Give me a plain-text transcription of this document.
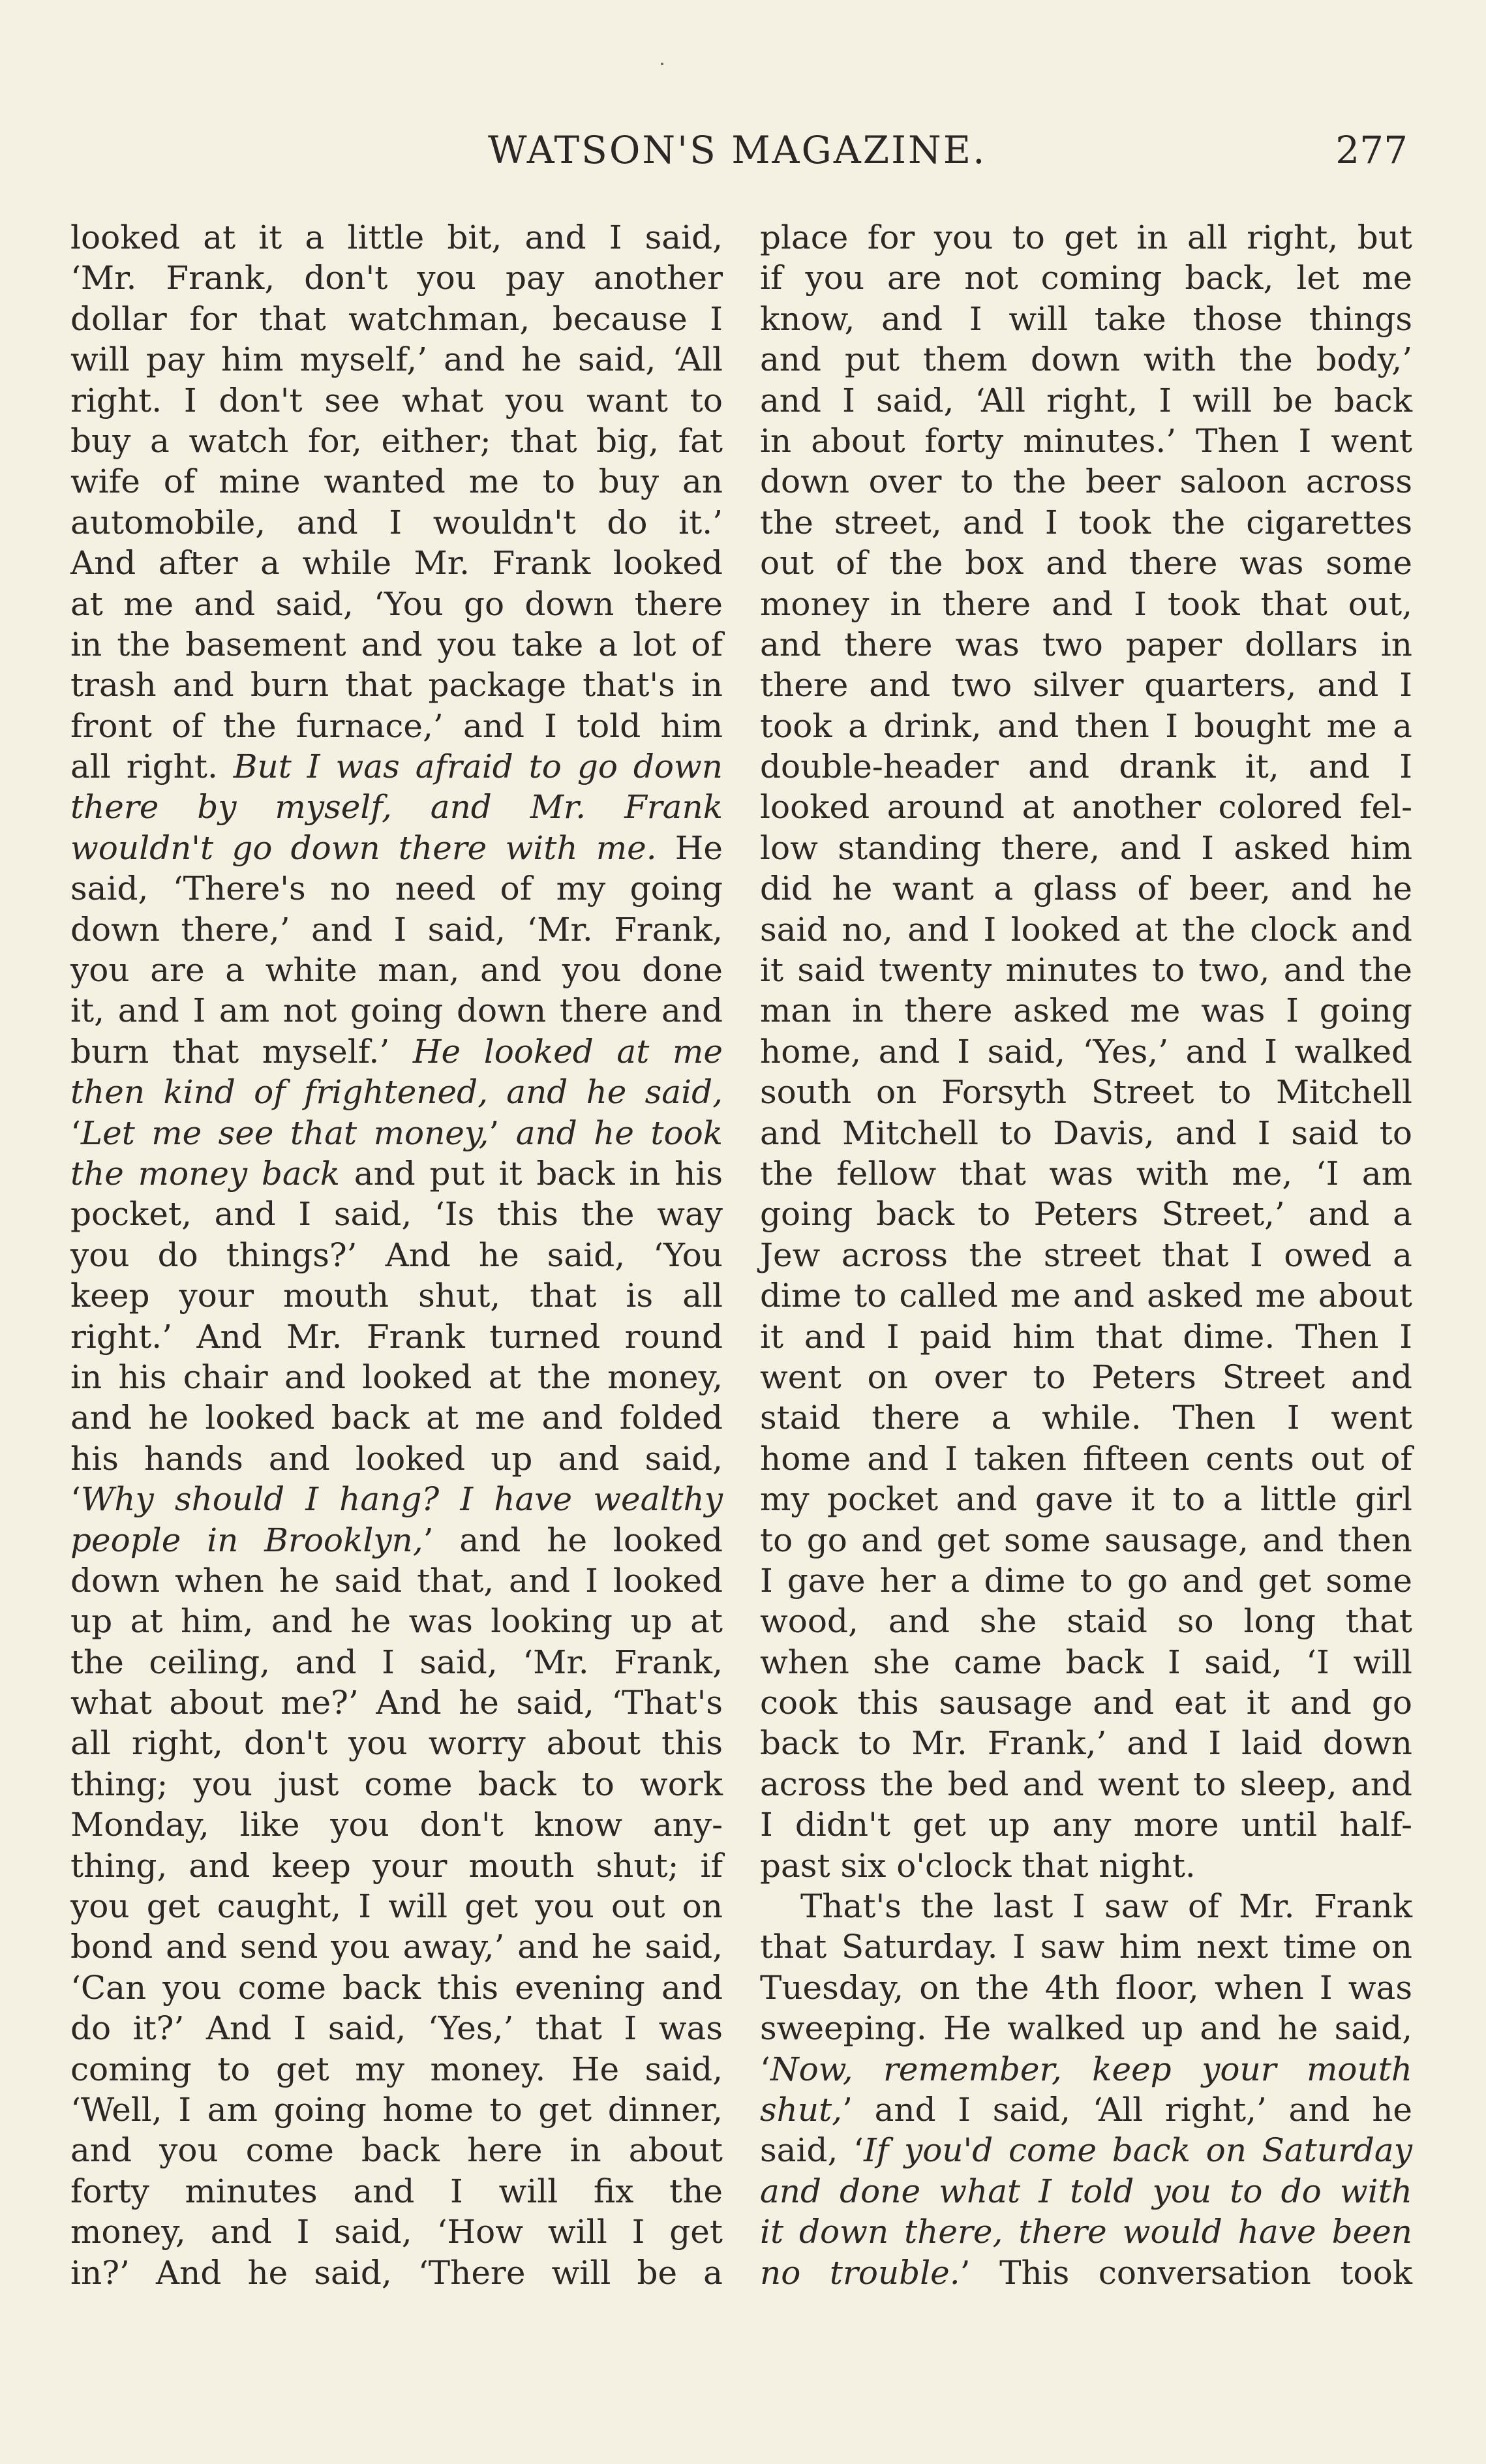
WATSON'S MAGAZINE.	277
looked at it a little bit, and I said,
‘Mr. Frank, don't you pay another
dollar for that watchman, because I
will pay him myself,’ and he said, ‘All
right. I don't see what you want to
buy a watch for, either; that big, fat
wife of mine wanted me to buy an
automobile, and I wouldn't do it.’
And after a while Mr. Frank looked
at me and said, ‘You go down there
in the basement and you take a lot of
trash and burn that package that's in
front of the furnace,’ and I told him
all right. But I was afraid to go down
there by myself, and Mr. Frank
wouldn't go down there with me. He
said, ‘There's no need of my going
down there,’ and I said, ‘Mr. Frank,
you are a white man, and you done
it, and I am not going down there and
burn that myself.’ He looked at me
then kind of frightened, and he said,
‘Let me see that money,’ and he took
the money back and put it back in his
pocket, and I said, ‘Is this the way
you do things?’ And he said, ‘You
keep your mouth shut, that is all
right.’ And Mr. Frank turned round
in his chair and looked at the money,
and he looked back at me and folded
his hands and looked up and said,
‘Why should I hang? I have wealthy
people in Brooklyn,’ and he looked
down when he said that, and I looked
up at him, and he was looking up at
the ceiling, and I said, ‘Mr. Frank,
what about me?’ And he said, ‘That's
all right, don't you worry about this
thing; you just come back to work
Monday, like you don't know any-
thing, and keep your mouth shut; if
you get caught, I will get you out on
bond and send you away,’ and he said,
‘Can you come back this evening and
do it?’ And I said, ‘Yes,’ that I was
coming to get my money. He said,
‘Well, I am going home to get dinner,
and you come back here in about
forty minutes and I will fix the
money, and I said, ‘How will I get
in?’ And he said, ‘There will be a
place for you to get in all right, but
if you are not coming back, let me
know, and I will take those things
and put them down with the body,’
and I said, ‘All right, I will be back
in about forty minutes.’ Then I went
down over to the beer saloon across
the street, and I took the cigarettes
out of the box and there was some
money in there and I took that out,
and there was two paper dollars in
there and two silver quarters, and I
took a drink, and then I bought me a
double-header and drank it, and I
looked around at another colored fel-
low standing there, and I asked him
did he want a glass of beer, and he
said no, and I looked at the clock and
it said twenty minutes to two, and the
man in there asked me was I going
home, and I said, ‘Yes,’ and I walked
south on Forsyth Street to Mitchell
and Mitchell to Davis, and I said to
the fellow that was with me, ‘I am
going back to Peters Street,’ and a
Jew across the street that I owed a
dime to called me and asked me about
it and I paid him that dime. Then I
went on over to Peters Street and
staid there a while. Then I went
home and I taken fifteen cents out of
my pocket and gave it to a little girl
to go and get some sausage, and then
I gave her a dime to go and get some
wood, and she staid so long that
when she came back I said, ‘I will
cook this sausage and eat it and go
back to Mr. Frank,’ and I laid down
across the bed and went to sleep, and
I didn't get up any more until half-
past six o'clock that night.
That's the last I saw of Mr. Frank
that Saturday. I saw him next time on
Tuesday, on the 4th floor, when I was
sweeping. He walked up and he said,
‘Now, remember, keep your mouth
shut,’ and I said, ‘All right,’ and he
said, ‘If you'd come back on Saturday
and done what I told you to do with
it down there, there would have been
no trouble.’ This conversation took
